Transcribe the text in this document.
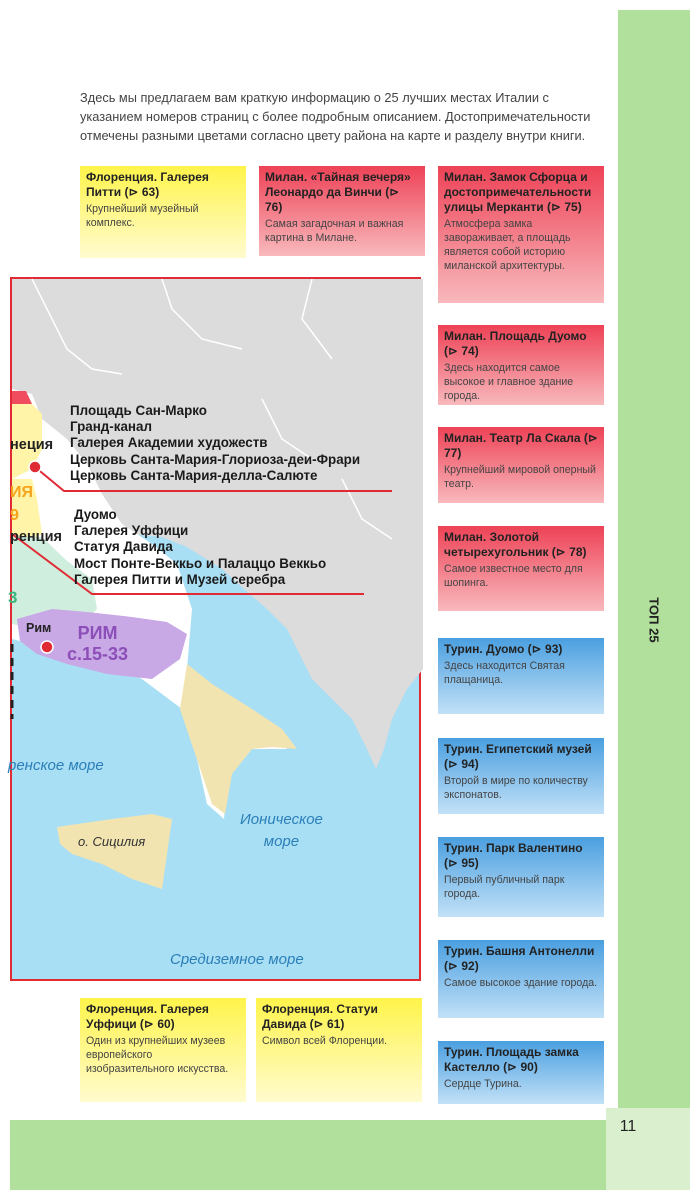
ТОП 25
11

Здесь мы предлагаем вам краткую информацию о 25 лучших местах Италии с указанием номеров страниц с более подробным описанием. Достопримечательности отмечены разными цветами согласно цвету района на карте и разделу внутри книги.

Флоренция. Галерея Питти (⊳ 63)
Крупнейший музейный комплекс.
Милан. «Тайная вечеря» Леонардо да Винчи (⊳ 76)
Самая загадочная и важная картина в Милане.
Милан. Замок Сфорца и достопримечательности улицы Мерканти (⊳ 75)
Атмосфера замка завораживает, а площадь является собой историю миланской архитектуры.
Милан. Площадь Дуомо (⊳ 74)
Здесь находится самое высокое и главное здание города.
Милан. Театр Ла Скала (⊳ 77)
Крупнейший мировой оперный театр.
Милан. Золотой четырехугольник (⊳ 78)
Самое известное место для шопинга.
Турин. Дуомо (⊳ 93)
Здесь находится Святая плащаница.
Турин. Египетский музей (⊳ 94)
Второй в мире по количеству экспонатов.
Турин. Парк Валентино (⊳ 95)
Первый публичный парк города.
Турин. Башня Антонелли (⊳ 92)
Самое высокое здание города.
Турин. Площадь замка Кастелло (⊳ 90)
Сердце Турина.
Флоренция. Галерея Уффици (⊳ 60)
Один из крупнейших музеев европейского изобразительного искусства.
Флоренция. Статуи Давида (⊳ 61)
Символ всей Флоренции.
неция
ИЯ
9
ренция
3
Площадь Сан-Марко
Гранд-канал
Галерея Академии художеств
Церковь Санта-Мария-Глориоза-деи-Фрари
Церковь Санта-Мария-делла-Салюте
Дуомо
Галерея Уффици
Статуя Давида
Мост Понте-Веккьо и Палаццо Веккьо
Галерея Питти и Музей серебра
Рим	РИМ
с.15-33
ренское море
Ионическое
море
о. Сицилия
Средиземное море
